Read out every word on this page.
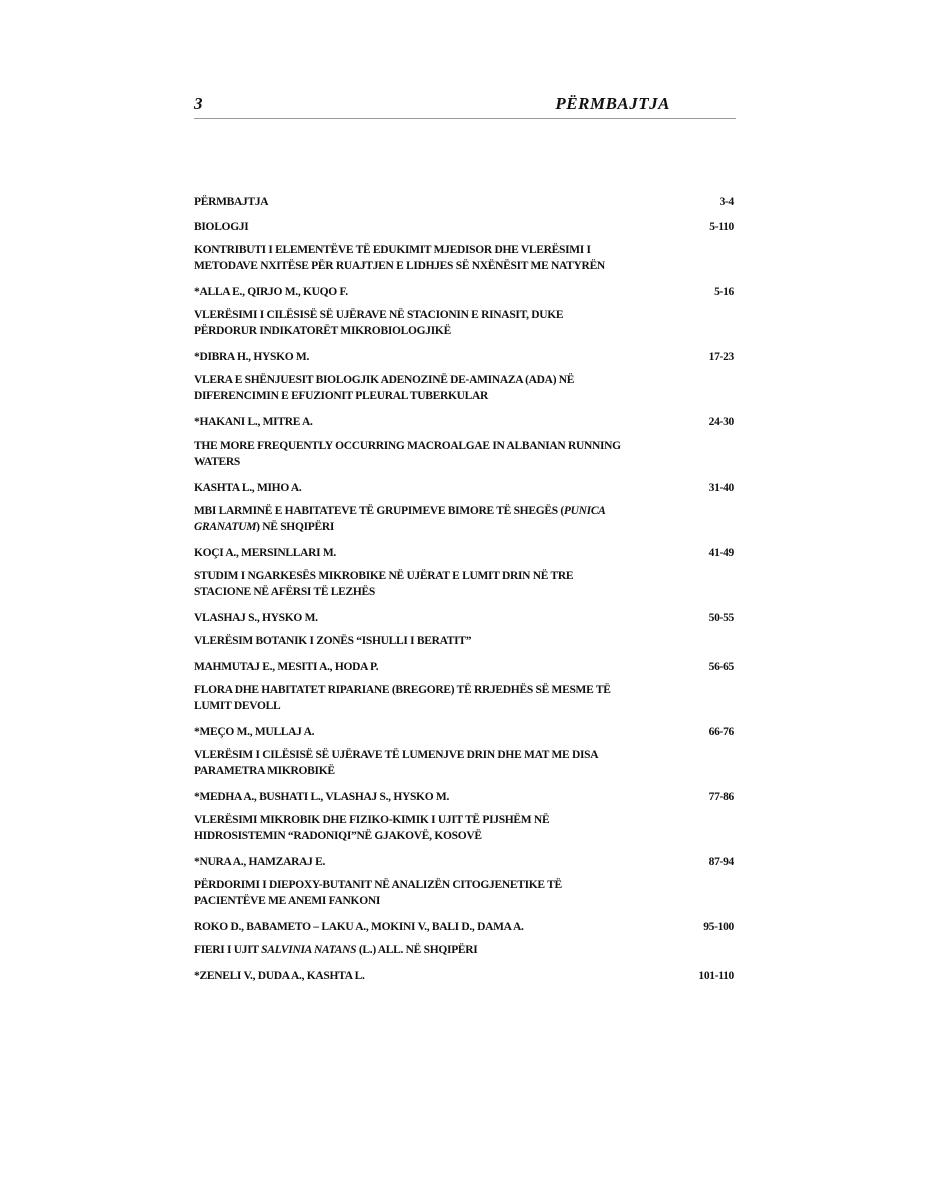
3	PËRMBAJTJA
PËRMBAJTJA	3-4
BIOLOGJI	5-110
KONTRIBUTI I ELEMENTËVE TË EDUKIMIT MJEDISOR DHE VLERËSIMI I
METODAVE NXITËSE PËR RUAJTJEN E LIDHJES SË NXËNËSIT ME NATYRËN
*ALLA E., QIRJO M., KUQO F.	5-16
VLERËSIMI I CILËSISË SË UJËRAVE NË STACIONIN E RINASIT, DUKE
PËRDORUR INDIKATORËT MIKROBIOLOGJIKË
*DIBRA H., HYSKO M.	17-23
VLERA E SHËNJUESIT BIOLOGJIK ADENOZINË DE-AMINAZA (ADA) NË
DIFERENCIMIN E EFUZIONIT PLEURAL TUBERKULAR
*HAKANI L., MITRE A.	24-30
THE MORE FREQUENTLY OCCURRING MACROALGAE IN ALBANIAN RUNNING
WATERS
KASHTA L., MIHO A.	31-40
MBI LARMINË E HABITATEVE TË GRUPIMEVE BIMORE TË SHEGËS (PUNICA
GRANATUM) NË SHQIPËRI
KOÇI A., MERSINLLARI M.	41-49
STUDIM I NGARKESËS MIKROBIKE NË UJËRAT E LUMIT DRIN NË TRE
STACIONE NË AFËRSI TË LEZHËS
VLASHAJ S., HYSKO M.	50-55
VLERËSIM BOTANIK I ZONËS “ISHULLI I BERATIT”
MAHMUTAJ E., MESITI A., HODA P.	56-65
FLORA DHE HABITATET RIPARIANE (BREGORE) TË RRJEDHËS SË MESME TË
LUMIT DEVOLL
*MEÇO M., MULLAJ A.	66-76
VLERËSIM I CILËSISË SË UJËRAVE TË LUMENJVE DRIN DHE MAT ME DISA
PARAMETRA MIKROBIKË
*MEDHA A., BUSHATI L., VLASHAJ S., HYSKO M.	77-86
VLERËSIMI MIKROBIK DHE FIZIKO-KIMIK I UJIT TË PIJSHËM NË
HIDROSISTEMIN “RADONIQI”NË GJAKOVË, KOSOVË
*NURA A., HAMZARAJ E.	87-94
PËRDORIMI I DIEPOXY-BUTANIT NË ANALIZËN CITOGJENETIKE TË
PACIENTËVE ME ANEMI FANKONI
ROKO D., BABAMETO – LAKU A., MOKINI V., BALI D., DAMA A.	95-100
FIERI I UJIT SALVINIA NATANS (L.) ALL. NË SHQIPËRI
*ZENELI V., DUDA A., KASHTA L.	101-110
